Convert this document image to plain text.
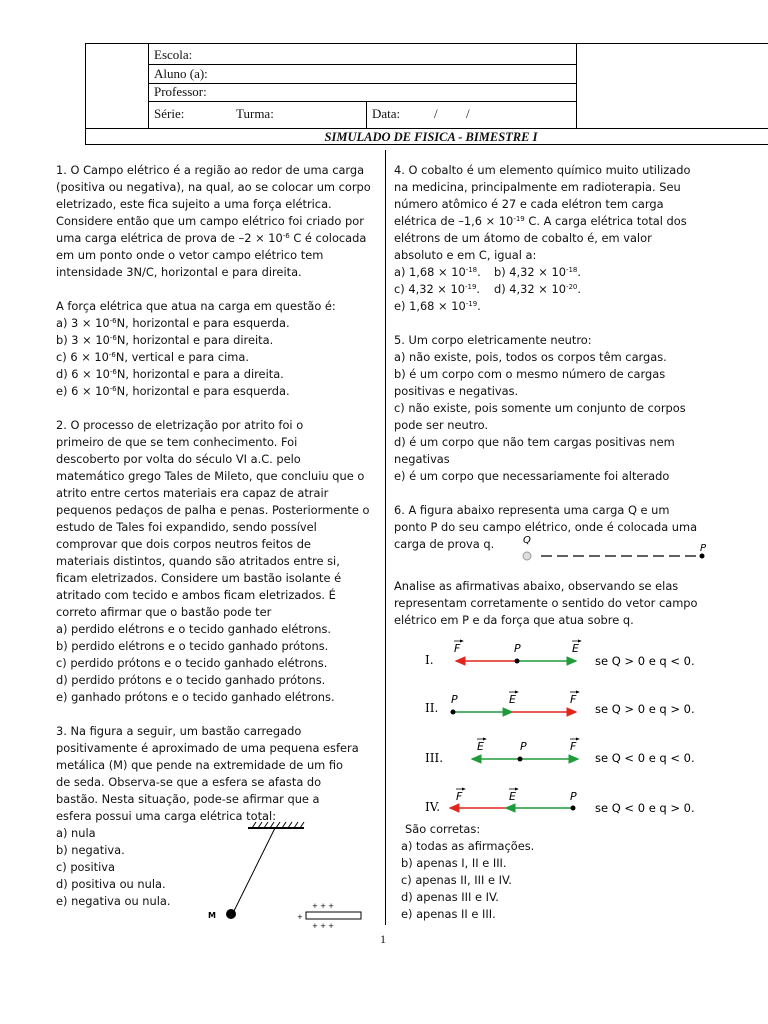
Escola:
Aluno (a):
Professor:
Série:	Turma:	Data:	/ /
SIMULADO DE FISICA - BIMESTRE I

1. O Campo elétrico é a região ao redor de uma carga

(positiva ou negativa), na qual, ao se colocar um corpo

eletrizado, este fica sujeito a uma força elétrica.

Considere então que um campo elétrico foi criado por

uma carga elétrica de prova de $-2 \times 10^{-6}$ C é colocada

em um ponto onde o vetor campo elétrico tem

intensidade 3N/C, horizontal e para direita.

A força elétrica que atua na carga em questão é:

a) $3 \times 10^{-6}N$, horizontal e para esquerda.

b) $3 \times 10^{-6}N$, horizontal e para direita.

c) $6 \times 10^{-6}N$, vertical e para cima.

d) $6 \times 10^{-6}N$, horizontal e para a direita.

e) $6 \times 10^{-6}N$, horizontal e para esquerda.

2. O processo de eletrização por atrito foi o

primeiro de que se tem conhecimento. Foi

descoberto por volta do século VI a.C. pelo

matemático grego Tales de Mileto, que concluiu que o

atrito entre certos materiais era capaz de atrair

pequenos pedaços de palha e penas. Posteriormente o

estudo de Tales foi expandido, sendo possível

comprovar que dois corpos neutros feitos de

materiais distintos, quando são atritados entre si,

ficam eletrizados. Considere um bastão isolante é

atritado com tecido e ambos ficam eletrizados. É

correto afirmar que o bastão pode ter

a) perdido elétrons e o tecido ganhado elétrons.

b) perdido elétrons e o tecido ganhado prótons.

c) perdido prótons e o tecido ganhado elétrons.

d) perdido prótons e o tecido ganhado prótons.

e) ganhado prótons e o tecido ganhado elétrons.

3. Na figura a seguir, um bastão carregado

positivamente é aproximado de uma pequena esfera

metálica (M) que pende na extremidade de um fio

de seda. Observa-se que a esfera se afasta do

bastão. Nesta situação, pode-se afirmar que a

esfera possui uma carga elétrica total:

a) nula

b) negativa.

c) positiva

d) positiva ou nula.

e) negativa ou nula.

M
+ + +
+ + +
+

4. O cobalto é um elemento químico muito utilizado

na medicina, principalmente em radioterapia. Seu

número atômico é 27 e cada elétron tem carga

elétrica de $-1,6 \times 10^{-19}$ C. A carga elétrica total dos

elétrons de um átomo de cobalto é, em valor

absoluto e em C, igual a:

a) $1,68 \times 10^{-18}$. b) $4,32 \times 10^{-18}$.

c) $4,32 \times 10^{-19}$. d) $4,32 \times 10^{-20}$.

e) $1,68 \times 10^{-19}$.

5. Um corpo eletricamente neutro:

a) não existe, pois, todos os corpos têm cargas.

b) é um corpo com o mesmo número de cargas

positivas e negativas.

c) não existe, pois somente um conjunto de corpos

pode ser neutro.

d) é um corpo que não tem cargas positivas nem

negativas

e) é um corpo que necessariamente foi alterado

6. A figura abaixo representa uma carga Q e um

ponto P do seu campo elétrico, onde é colocada uma

carga de prova q.	Q
P

Analise as afirmativas abaixo, observando se elas

representam corretamente o sentido do vetor campo

elétrico em P e da força que atua sobre q.

I.
II.
III.
IV.
se Q > 0 e q < 0.
se Q > 0 e q > 0.
se Q < 0 e q < 0.
se Q < 0 e q > 0.
F	P	E
P	E	F
E	P	F
F	E	P

São corretas:

a) todas as afirmações.

b) apenas I, II e III.

c) apenas II, III e IV.

d) apenas III e IV.

e) apenas II e III.

1
